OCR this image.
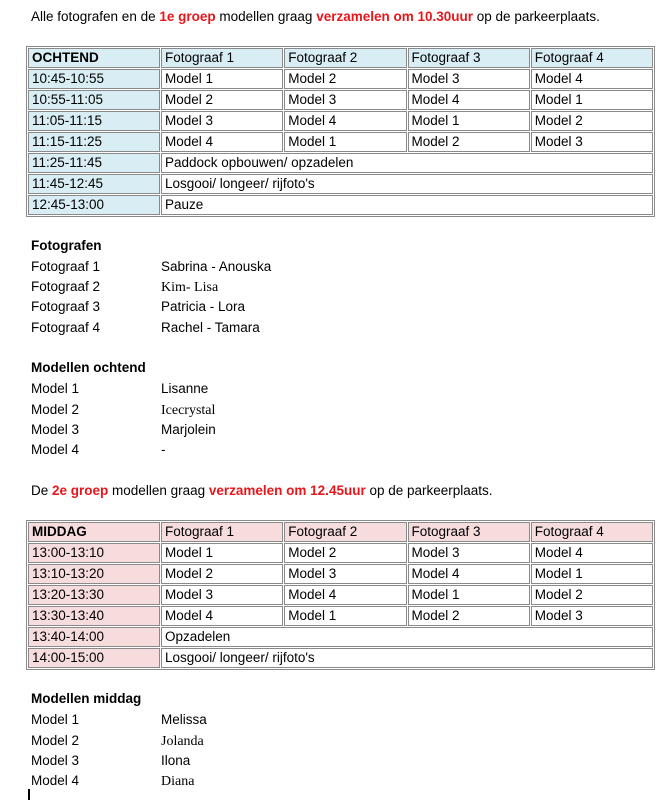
Alle fotografen en de 1e groep modellen graag verzamelen om 10.30uur op de parkeerplaats.
OCHTEND	Fotograaf 1	Fotograaf 2	Fotograaf 3	Fotograaf 4
10:45-10:55	Model 1	Model 2	Model 3	Model 4
10:55-11:05	Model 2	Model 3	Model 4	Model 1
11:05-11:15	Model 3	Model 4	Model 1	Model 2
11:15-11:25	Model 4	Model 1	Model 2	Model 3
11:25-11:45	Paddock opbouwen/ opzadelen			
11:45-12:45	Losgooi/ longeer/ rijfoto's			
12:45-13:00	Pauze			
Fotografen
Fotograaf 1	Sabrina - Anouska
Fotograaf 2	Kim- Lisa
Fotograaf 3	Patricia - Lora
Fotograaf 4	Rachel - Tamara
Modellen ochtend
Model 1	Lisanne
Model 2	Icecrystal
Model 3	Marjolein
Model 4	-
De 2e groep modellen graag verzamelen om 12.45uur op de parkeerplaats.
MIDDAG	Fotograaf 1	Fotograaf 2	Fotograaf 3	Fotograaf 4
13:00-13:10	Model 1	Model 2	Model 3	Model 4
13:10-13:20	Model 2	Model 3	Model 4	Model 1
13:20-13:30	Model 3	Model 4	Model 1	Model 2
13:30-13:40	Model 4	Model 1	Model 2	Model 3
13:40-14:00	Opzadelen			
14:00-15:00	Losgooi/ longeer/ rijfoto's			
Modellen middag
Model 1	Melissa
Model 2	Jolanda
Model 3	Ilona
Model 4	Diana
